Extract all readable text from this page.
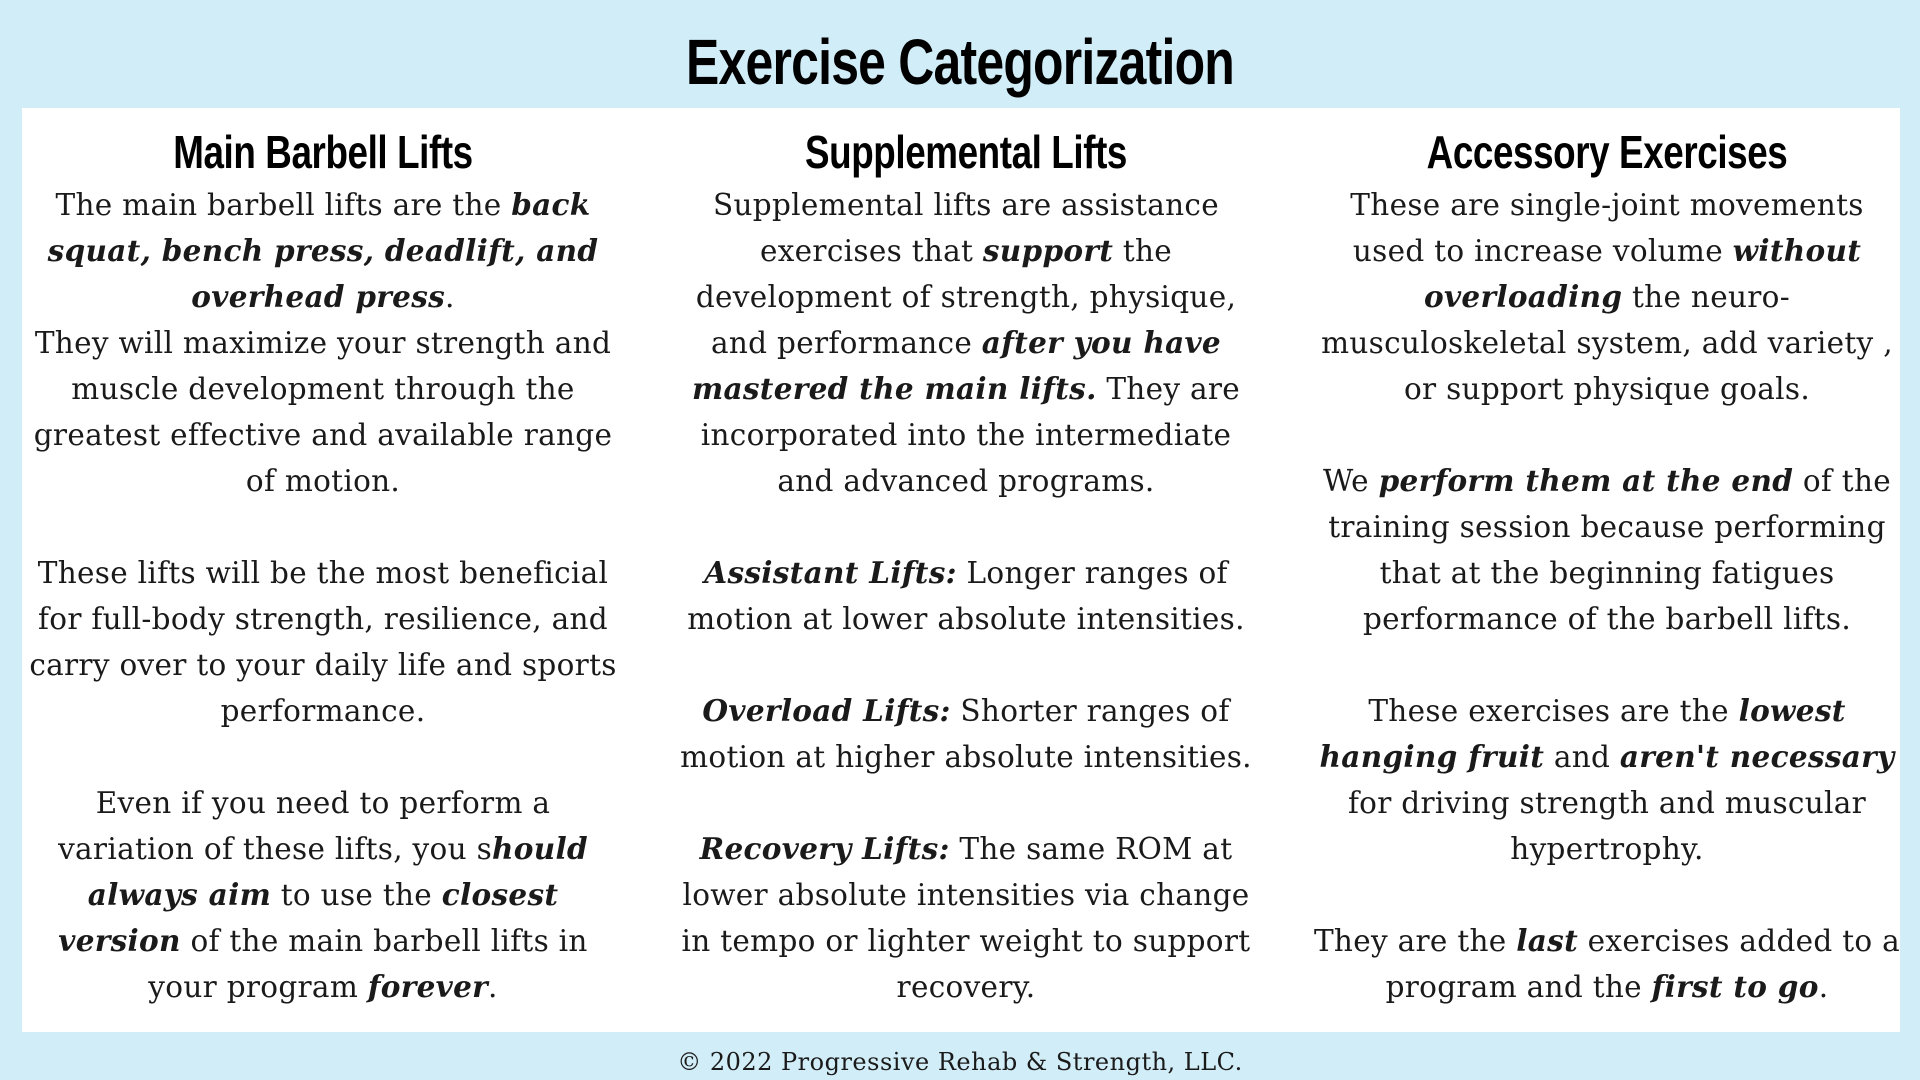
Exercise Categorization
Main Barbell Lifts

The main barbell lifts are the back squat, bench press, deadlift, and overhead press.

They will maximize your strength and muscle development through the greatest effective and available range of motion.

These lifts will be the most beneficial for full-body strength, resilience, and carry over to your daily life and sports performance.

Even if you need to perform a variation of these lifts, you should always aim to use the closest version of the main barbell lifts in your program forever.

Supplemental Lifts

Supplemental lifts are assistance exercises that support the development of strength, physique, and performance after you have mastered the main lifts. They are incorporated into the intermediate and advanced programs.

Assistant Lifts: Longer ranges of motion at lower absolute intensities.

Overload Lifts: Shorter ranges of motion at higher absolute intensities.

Recovery Lifts: The same ROM at lower absolute intensities via change in tempo or lighter weight to support recovery.

Accessory Exercises

These are single-joint movements used to increase volume without overloading the neuro-musculoskeletal system, add variety , or support physique goals.

We perform them at the end of the training session because performing that at the beginning fatigues performance of the barbell lifts.

These exercises are the lowest hanging fruit and aren't necessary for driving strength and muscular hypertrophy.

They are the last exercises added to a program and the first to go.

© 2022 Progressive Rehab & Strength, LLC.
